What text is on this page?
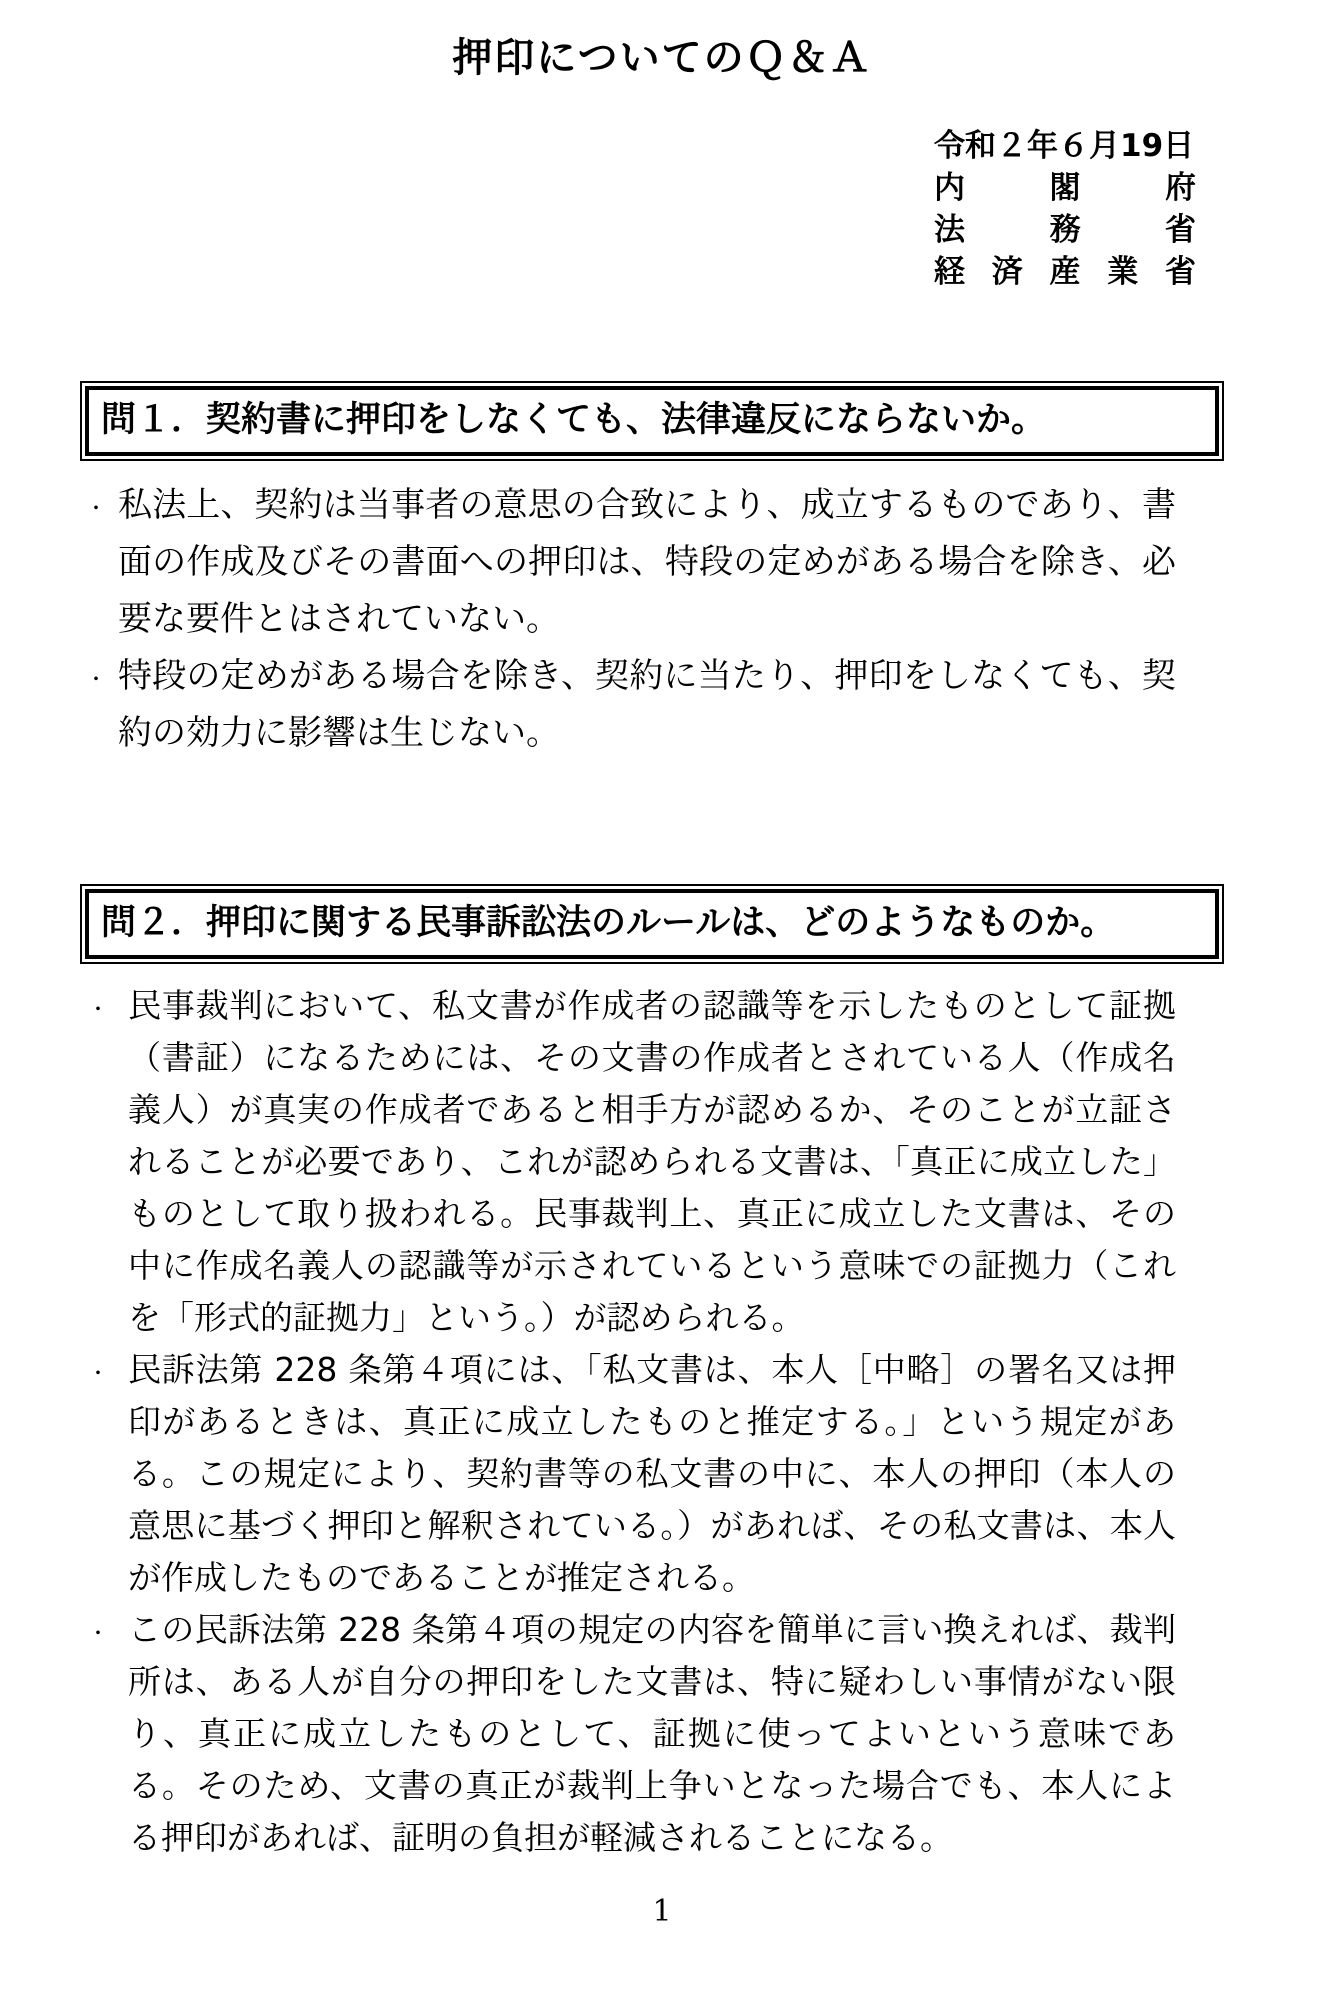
押印についてのＱ＆Ａ
令和２年６月19日
内閣府
法務省
経済産業省
問１．契約書に押印をしなくても、法律違反にならないか。
・ 私法上、契約は当事者の意思の合致により、成立するものであり、書面の作成及びその書面への押印は、特段の定めがある場合を除き、必要な要件とはされていない。
・ 特段の定めがある場合を除き、契約に当たり、押印をしなくても、契約の効力に影響は生じない。
問２．押印に関する民事訴訟法のルールは、どのようなものか。
・ 民事裁判において、私文書が作成者の認識等を示したものとして証拠（書証）になるためには、その文書の作成者とされている人（作成名義人）が真実の作成者であると相手方が認めるか、そのことが立証されることが必要であり、これが認められる文書は、「真正に成立した」ものとして取り扱われる。民事裁判上、真正に成立した文書は、その中に作成名義人の認識等が示されているという意味での証拠力（これを「形式的証拠力」という。）が認められる。
・ 民訴法第 228 条第４項には、「私文書は、本人［中略］の署名又は押印があるときは、真正に成立したものと推定する。」という規定がある。この規定により、契約書等の私文書の中に、本人の押印（本人の意思に基づく押印と解釈されている。）があれば、その私文書は、本人が作成したものであることが推定される。
・ この民訴法第 228 条第４項の規定の内容を簡単に言い換えれば、裁判所は、ある人が自分の押印をした文書は、特に疑わしい事情がない限り、真正に成立したものとして、証拠に使ってよいという意味である。そのため、文書の真正が裁判上争いとなった場合でも、本人による押印があれば、証明の負担が軽減されることになる。
1
